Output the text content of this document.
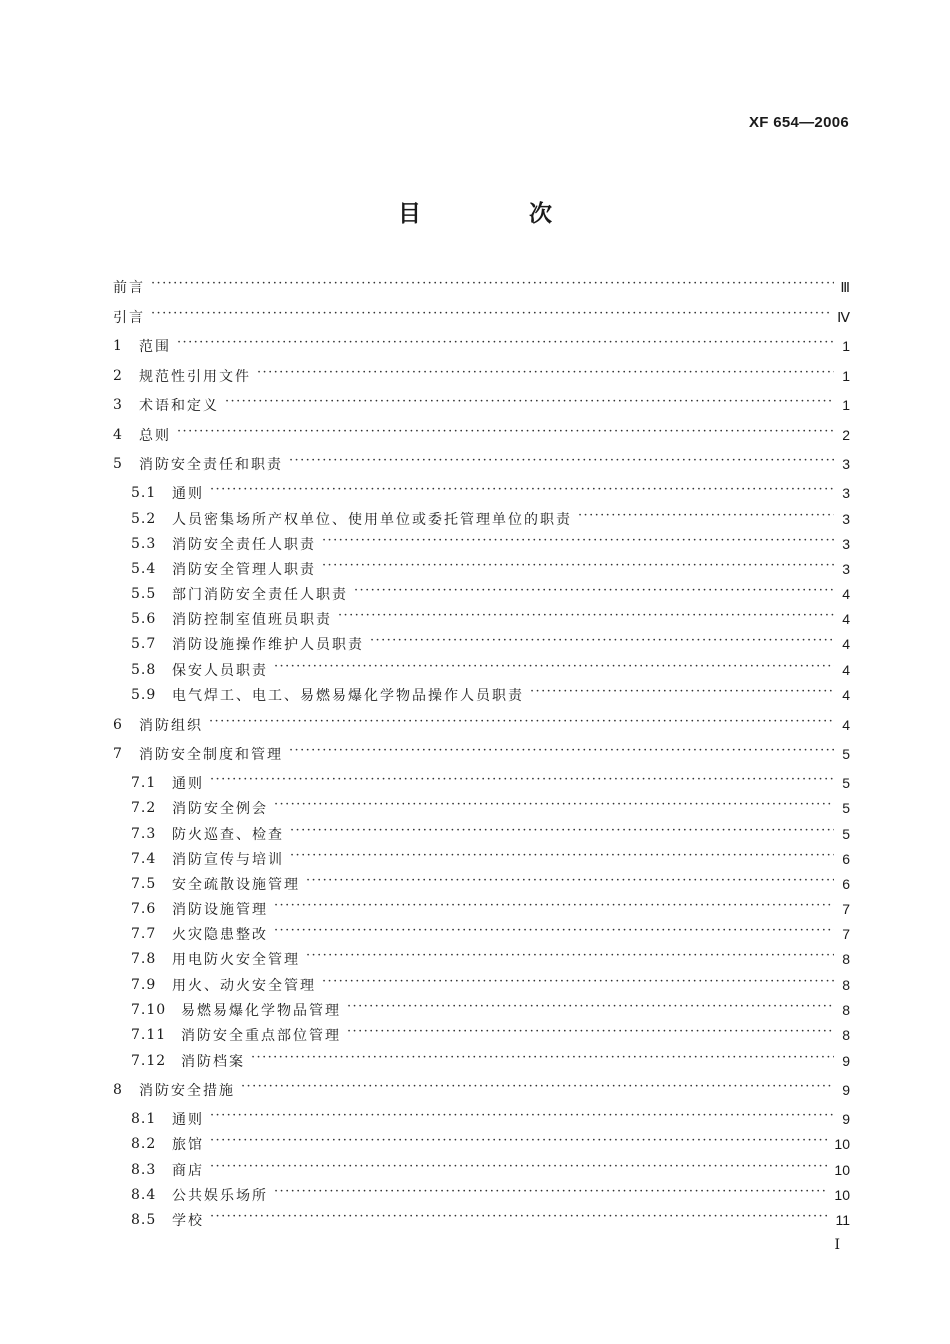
XF 654—2006
目 次
前言 ·····	Ⅲ
引言 ·····	Ⅳ
1	范围 ·····	1
2	规范性引用文件 ·····	1
3	术语和定义 ·····	1
4	总则 ·····	2
5	消防安全责任和职责 ·····	3
5.1	通则 ·····	3
5.2	人员密集场所产权单位、使用单位或委托管理单位的职责 ·····	3
5.3	消防安全责任人职责 ·····	3
5.4	消防安全管理人职责 ·····	3
5.5	部门消防安全责任人职责 ·····	4
5.6	消防控制室值班员职责 ·····	4
5.7	消防设施操作维护人员职责 ·····	4
5.8	保安人员职责 ·····	4
5.9	电气焊工、电工、易燃易爆化学物品操作人员职责 ·····	4
6	消防组织 ·····	4
7	消防安全制度和管理 ·····	5
7.1	通则 ·····	5
7.2	消防安全例会 ·····	5
7.3	防火巡查、检查 ·····	5
7.4	消防宣传与培训 ·····	6
7.5	安全疏散设施管理 ·····	6
7.6	消防设施管理 ·····	7
7.7	火灾隐患整改 ·····	7
7.8	用电防火安全管理 ·····	8
7.9	用火、动火安全管理 ·····	8
7.10	易燃易爆化学物品管理 ·····	8
7.11	消防安全重点部位管理 ·····	8
7.12	消防档案 ·····	9
8	消防安全措施 ·····	9
8.1	通则 ·····	9
8.2	旅馆 ·····	10
8.3	商店 ·····	10
8.4	公共娱乐场所 ·····	10
8.5	学校 ·····	11
I
